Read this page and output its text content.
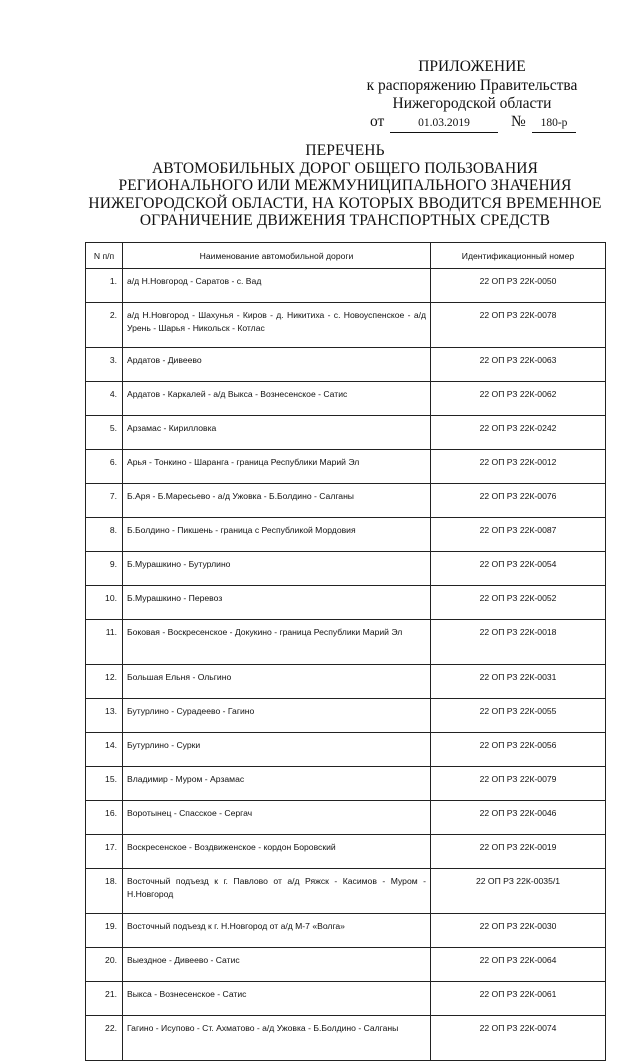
ПРИЛОЖЕНИЕ
к распоряжению Правительства
Нижегородской области
от	01.03.2019	№	180-р
ПЕРЕЧЕНЬ
АВТОМОБИЛЬНЫХ ДОРОГ ОБЩЕГО ПОЛЬЗОВАНИЯ
РЕГИОНАЛЬНОГО ИЛИ МЕЖМУНИЦИПАЛЬНОГО ЗНАЧЕНИЯ
НИЖЕГОРОДСКОЙ ОБЛАСТИ, НА КОТОРЫХ ВВОДИТСЯ ВРЕМЕННОЕ
ОГРАНИЧЕНИЕ ДВИЖЕНИЯ ТРАНСПОРТНЫХ СРЕДСТВ
N п/п	Наименование автомобильной дороги	Идентификационный номер
1.	а/д Н.Новгород - Саратов - с. Вад	22 ОП РЗ 22К-0050
2.	а/д Н.Новгород - Шахунья - Киров - д. Никитиха - с. Новоуспенское - а/д Урень - Шарья - Никольск - Котлас	22 ОП РЗ 22К-0078
3.	Ардатов - Дивеево	22 ОП РЗ 22К-0063
4.	Ардатов - Каркалей - а/д Выкса - Вознесенское - Сатис	22 ОП РЗ 22К-0062
5.	Арзамас - Кирилловка	22 ОП РЗ 22К-0242
6.	Арья - Тонкино - Шаранга - граница Республики Марий Эл	22 ОП РЗ 22К-0012
7.	Б.Аря - Б.Маресьево - а/д Ужовка - Б.Болдино - Салганы	22 ОП РЗ 22К-0076
8.	Б.Болдино - Пикшень - граница с Республикой Мордовия	22 ОП РЗ 22К-0087
9.	Б.Мурашкино - Бутурлино	22 ОП РЗ 22К-0054
10.	Б.Мурашкино - Перевоз	22 ОП РЗ 22К-0052
11.	Боковая - Воскресенское - Докукино - граница Республики Марий Эл	22 ОП РЗ 22К-0018
12.	Большая Ельня - Ольгино	22 ОП РЗ 22К-0031
13.	Бутурлино - Сурадеево - Гагино	22 ОП РЗ 22К-0055
14.	Бутурлино - Сурки	22 ОП РЗ 22К-0056
15.	Владимир - Муром - Арзамас	22 ОП РЗ 22К-0079
16.	Воротынец - Спасское - Сергач	22 ОП РЗ 22К-0046
17.	Воскресенское - Воздвиженское - кордон Боровский	22 ОП РЗ 22К-0019
18.	Восточный подъезд к г. Павлово от а/д Ряжск - Касимов - Муром - Н.Новгород	22 ОП РЗ 22К-0035/1
19.	Восточный подъезд к г. Н.Новгород от а/д М-7 «Волга»	22 ОП РЗ 22К-0030
20.	Выездное - Дивеево - Сатис	22 ОП РЗ 22К-0064
21.	Выкса - Вознесенское - Сатис	22 ОП РЗ 22К-0061
22.	Гагино - Исупово - Ст. Ахматово - а/д Ужовка - Б.Болдино - Салганы	22 ОП РЗ 22К-0074
